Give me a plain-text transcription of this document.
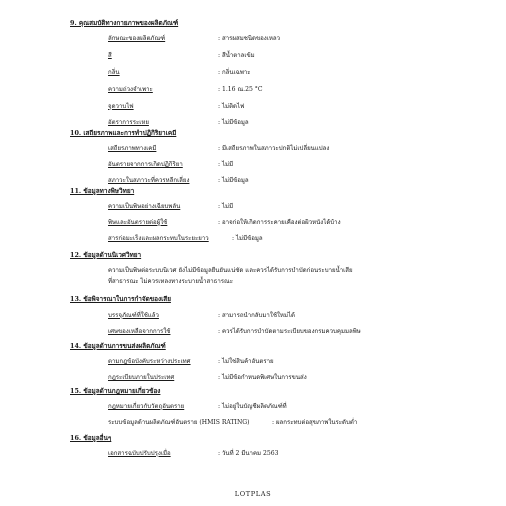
9. คุณสมบัติทางกายภาพของผลิตภัณฑ์
ลักษณะของผลิตภัณฑ์	: สารผสมชนิดของเหลว
สี	: สีน้ำตาลเข้ม
กลิ่น	: กลิ่นเฉพาะ
ความถ่วงจำเพาะ	: 1.16 ณ.25 °C
จุดวาบไฟ	: ไม่ติดไฟ
อัตราการระเหย	: ไม่มีข้อมูล
10. เสถียรภาพและการทำปฏิกิริยาเคมี
เสถียรภาพทางเคมี	: มีเสถียรภาพในสภาวะปกติไม่เปลี่ยนแปลง
อันตรายจากการเกิดปฏิกิริยา	: ไม่มี
สภาวะในสภาวะที่ควรหลีกเลี่ยง	: ไม่มีข้อมูล
11. ข้อมูลทางพิษวิทยา
ความเป็นพิษอย่างเฉียบพลัน	: ไม่มี
พิษและอันตรายต่อผู้ใช้	: อาจก่อให้เกิดการระคายเคืองต่อผิวหนังได้บ้าง
สารก่อมะเร็งและผลกระทบในระยะยาว	: ไม่มีข้อมูล
12. ข้อมูลด้านนิเวศวิทยา
ความเป็นพิษต่อระบบนิเวศ ยังไม่มีข้อมูลยืนยันแน่ชัด และควรได้รับการบำบัดก่อนระบายน้ำเสีย
ที่สาธารณะ ไม่ควรเทลงทางระบายน้ำสาธารณะ
13. ข้อพิจารณาในการกำจัดของเสีย
บรรจุภัณฑ์ที่ใช้แล้ว	: สามารถนำกลับมาใช้ใหม่ได้
เศษของเหลือจากการใช้	: ควรได้รับการบำบัดตามระเบียบของกรมควบคุมมลพิษ
14. ข้อมูลด้านการขนส่งผลิตภัณฑ์
ตามกฎข้อบังคับระหว่างประเทศ	: ไม่ใช่สินค้าอันตราย
กฎระเบียบภายในประเทศ	: ไม่มีข้อกำหนดพิเศษในการขนส่ง
15. ข้อมูลด้านกฎหมายเกี่ยวข้อง
กฎหมายเกี่ยวกับวัตถุอันตราย	: ไม่อยู่ในบัญชีผลิตภัณฑ์ที่
ระบบข้อมูลด้านผลิตภัณฑ์อันตราย (HMIS RATING)	: ผลกระทบต่อสุขภาพในระดับต่ำ
16. ข้อมูลอื่นๆ
เอกสารฉบับปรับปรุงเมื่อ	: วันที่ 2 มีนาคม 2563
LOTPLAS
